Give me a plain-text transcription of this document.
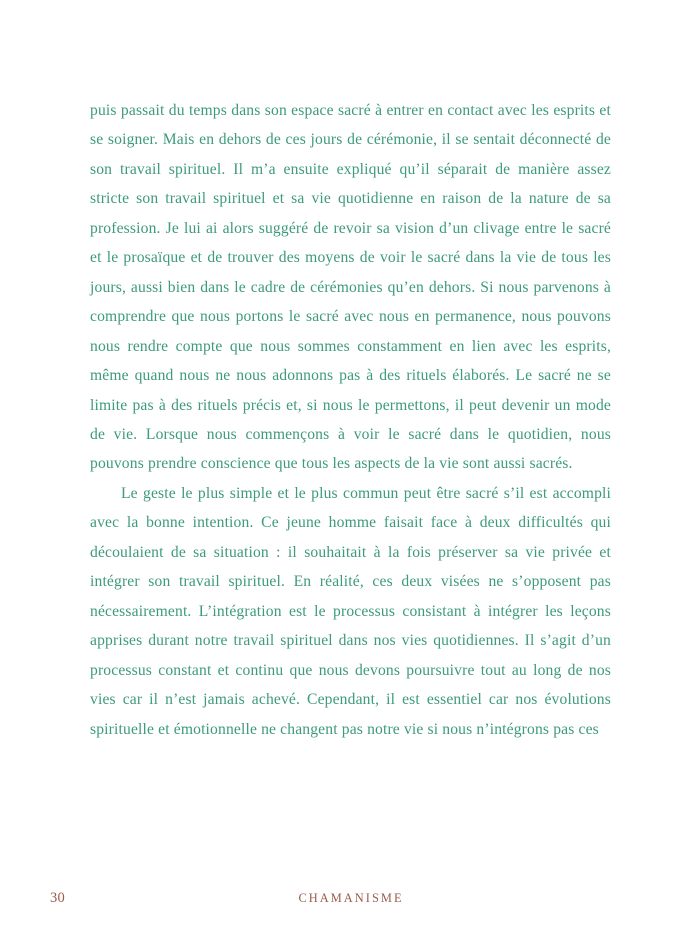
puis passait du temps dans son espace sacré à entrer en contact avec les esprits et se soigner. Mais en dehors de ces jours de cérémonie, il se sentait déconnecté de son travail spirituel. Il m’a ensuite expliqué qu’il séparait de manière assez stricte son travail spirituel et sa vie quotidienne en raison de la nature de sa profession. Je lui ai alors suggéré de revoir sa vision d’un clivage entre le sacré et le prosaïque et de trouver des moyens de voir le sacré dans la vie de tous les jours, aussi bien dans le cadre de cérémonies qu’en dehors. Si nous parvenons à comprendre que nous portons le sacré avec nous en permanence, nous pouvons nous rendre compte que nous sommes constamment en lien avec les esprits, même quand nous ne nous adonnons pas à des rituels élaborés. Le sacré ne se limite pas à des rituels précis et, si nous le permettons, il peut devenir un mode de vie. Lorsque nous commençons à voir le sacré dans le quotidien, nous pouvons prendre conscience que tous les aspects de la vie sont aussi sacrés.

Le geste le plus simple et le plus commun peut être sacré s’il est accompli avec la bonne intention. Ce jeune homme faisait face à deux difficultés qui découlaient de sa situation : il souhaitait à la fois préserver sa vie privée et intégrer son travail spirituel. En réalité, ces deux visées ne s’opposent pas nécessairement. L’intégration est le processus consistant à intégrer les leçons apprises durant notre travail spirituel dans nos vies quotidiennes. Il s’agit d’un processus constant et continu que nous devons poursuivre tout au long de nos vies car il n’est jamais achevé. Cependant, il est essentiel car nos évolutions spirituelle et émotionnelle ne changent pas notre vie si nous n’intégrons pas ces

30	CHAMANISME
